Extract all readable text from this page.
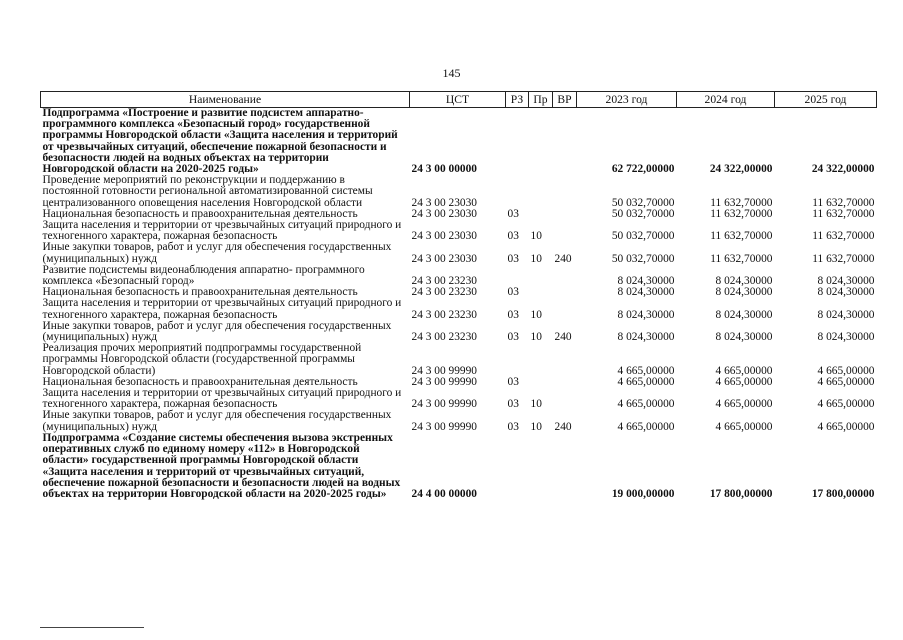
145
Наименование	ЦСТ	РЗ	Пр	ВР	2023 год	2024 год	2025 год
Подпрограмма «Построение и развитие подсистем аппаратно-программного комплекса «Безопасный город» государственной программы Новгородской области «Защита населения и территорий от чрезвычайных ситуаций, обеспечение пожарной безопасности и безопасности людей на водных объектах на территории Новгородской области на 2020-2025 годы»	24 3 00 00000				62 722,00000	24 322,00000	24 322,00000
Проведение мероприятий по реконструкции и поддержанию в постоянной готовности региональной автоматизированной системы централизованного оповещения населения Новгородской области	24 3 00 23030				50 032,70000	11 632,70000	11 632,70000
Национальная безопасность и правоохранительная деятельность	24 3 00 23030	03			50 032,70000	11 632,70000	11 632,70000
Защита населения и территории от чрезвычайных ситуаций природного и техногенного характера, пожарная безопасность	24 3 00 23030	03	10		50 032,70000	11 632,70000	11 632,70000
Иные закупки товаров, работ и услуг для обеспечения государственных (муниципальных) нужд	24 3 00 23030	03	10	240	50 032,70000	11 632,70000	11 632,70000
Развитие подсистемы видеонаблюдения аппаратно- программного комплекса «Безопасный город»	24 3 00 23230				8 024,30000	8 024,30000	8 024,30000
Национальная безопасность и правоохранительная деятельность	24 3 00 23230	03			8 024,30000	8 024,30000	8 024,30000
Защита населения и территории от чрезвычайных ситуаций природного и техногенного характера, пожарная безопасность	24 3 00 23230	03	10		8 024,30000	8 024,30000	8 024,30000
Иные закупки товаров, работ и услуг для обеспечения государственных (муниципальных) нужд	24 3 00 23230	03	10	240	8 024,30000	8 024,30000	8 024,30000
Реализация прочих мероприятий подпрограммы государственной программы Новгородской области (государственной программы Новгородской области)	24 3 00 99990				4 665,00000	4 665,00000	4 665,00000
Национальная безопасность и правоохранительная деятельность	24 3 00 99990	03			4 665,00000	4 665,00000	4 665,00000
Защита населения и территории от чрезвычайных ситуаций природного и техногенного характера, пожарная безопасность	24 3 00 99990	03	10		4 665,00000	4 665,00000	4 665,00000
Иные закупки товаров, работ и услуг для обеспечения государственных (муниципальных) нужд	24 3 00 99990	03	10	240	4 665,00000	4 665,00000	4 665,00000
Подпрограмма «Создание системы обеспечения вызова экстренных оперативных служб по единому номеру «112» в Новгородской области» государственной программы Новгородской области «Защита населения и территорий от чрезвычайных ситуаций, обеспечение пожарной безопасности и безопасности людей на водных объектах на территории Новгородской области на 2020-2025 годы»	24 4 00 00000				19 000,00000	17 800,00000	17 800,00000
